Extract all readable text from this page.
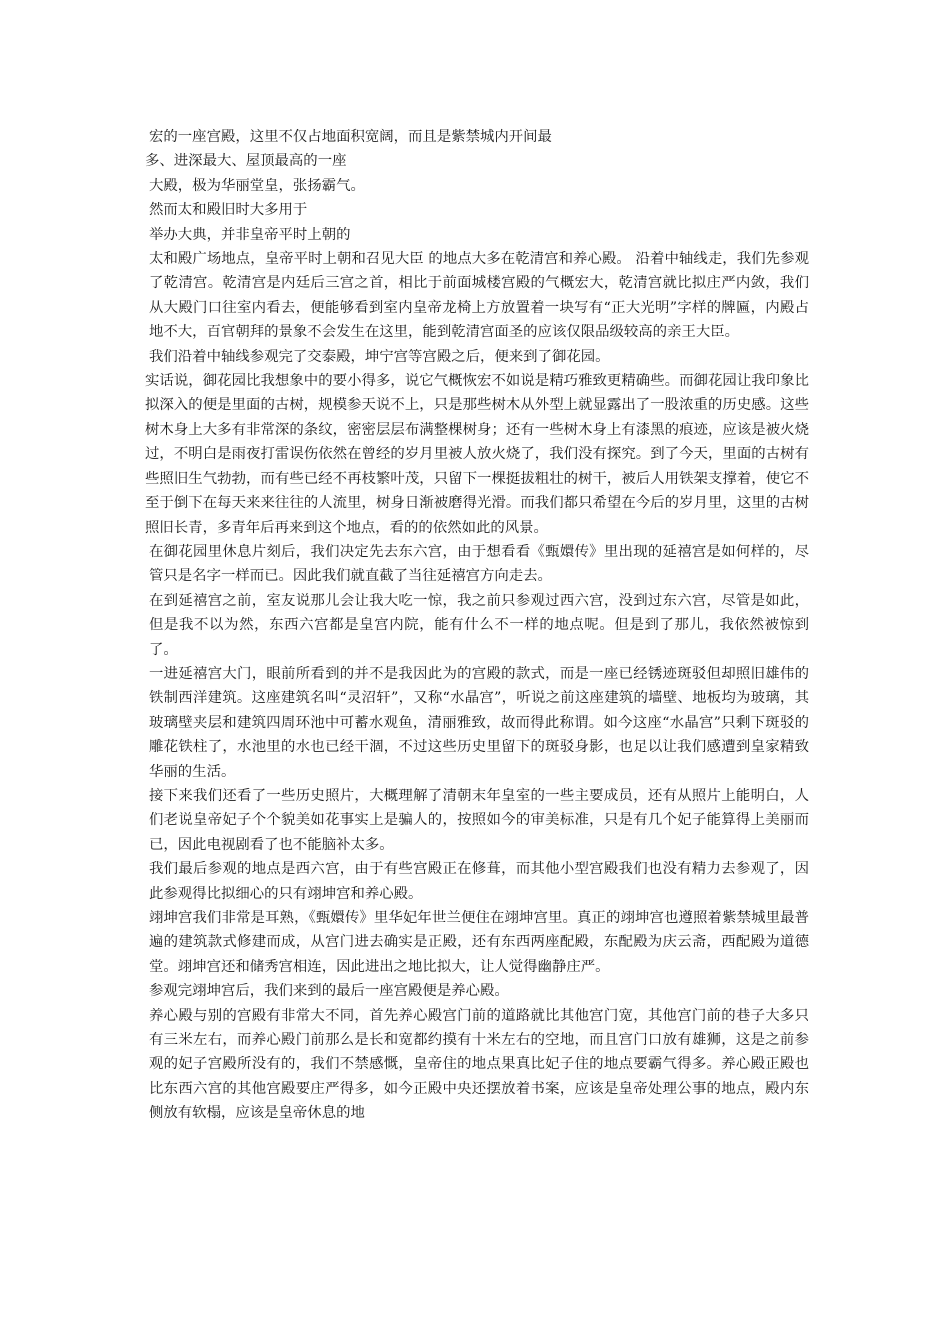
宏的一座宫殿，这里不仅占地面积宽阔，而且是紫禁城内开间最
多、进深最大、屋顶最高的一座
大殿，极为华丽堂皇，张扬霸气。
然而太和殿旧时大多用于
举办大典，并非皇帝平时上朝的

太和殿广场地点，皇帝平时上朝和召见大臣 的地点大多在乾清宫和养心殿。 沿着中轴线走，我们先参观了乾清宫。乾清宫是内廷后三宫之首，相比于前面城楼宫殿的气概宏大，乾清宫就比拟庄严内敛，我们从大殿门口往室内看去，便能够看到室内皇帝龙椅上方放置着一块写有“正大光明”字样的牌匾，内殿占地不大，百官朝拜的景象不会发生在这里，能到乾清宫面圣的应该仅限品级较高的亲王大臣。

我们沿着中轴线参观完了交泰殿，坤宁宫等宫殿之后，便来到了御花园。

实话说，御花园比我想象中的要小得多，说它气概恢宏不如说是精巧雅致更精确些。而御花园让我印象比拟深入的便是里面的古树，规模参天说不上，只是那些树木从外型上就显露出了一股浓重的历史感。这些树木身上大多有非常深的条纹，密密层层布满整棵树身；还有一些树木身上有漆黑的痕迹，应该是被火烧过，不明白是雨夜打雷误伤依然在曾经的岁月里被人放火烧了，我们没有探究。到了今天，里面的古树有些照旧生气勃勃，而有些已经不再枝繁叶茂，只留下一棵挺拔粗壮的树干，被后人用铁架支撑着，使它不至于倒下在每天来来往往的人流里，树身日渐被磨得光滑。而我们都只希望在今后的岁月里，这里的古树照旧长青，多青年后再来到这个地点，看的的依然如此的风景。

在御花园里休息片刻后，我们决定先去东六宫，由于想看看《甄嬛传》里出现的延禧宫是如何样的，尽管只是名字一样而已。因此我们就直截了当往延禧宫方向走去。

在到延禧宫之前，室友说那儿会让我大吃一惊，我之前只参观过西六宫，没到过东六宫，尽管是如此，但是我不以为然，东西六宫都是皇宫内院，能有什么不一样的地点呢。但是到了那儿，我依然被惊到了。

一进延禧宫大门，眼前所看到的并不是我因此为的宫殿的款式，而是一座已经锈迹斑驳但却照旧雄伟的铁制西洋建筑。这座建筑名叫“灵沼轩”，又称“水晶宫”，听说之前这座建筑的墙壁、地板均为玻璃，其玻璃壁夹层和建筑四周环池中可蓄水观鱼，清丽雅致，故而得此称谓。如今这座“水晶宫”只剩下斑驳的雕花铁柱了，水池里的水也已经干涸，不过这些历史里留下的斑驳身影，也足以让我们感遭到皇家精致华丽的生活。

接下来我们还看了一些历史照片，大概理解了清朝末年皇室的一些主要成员，还有从照片上能明白，人们老说皇帝妃子个个貌美如花事实上是骗人的，按照如今的审美标准，只是有几个妃子能算得上美丽而已，因此电视剧看了也不能脑补太多。

我们最后参观的地点是西六宫，由于有些宫殿正在修葺，而其他小型宫殿我们也没有精力去参观了，因此参观得比拟细心的只有翊坤宫和养心殿。

翊坤宫我们非常是耳熟，《甄嬛传》里华妃年世兰便住在翊坤宫里。真正的翊坤宫也遵照着紫禁城里最普遍的建筑款式修建而成，从宫门进去确实是正殿，还有东西两座配殿，东配殿为庆云斋，西配殿为道德堂。翊坤宫还和储秀宫相连，因此进出之地比拟大，让人觉得幽静庄严。

参观完翊坤宫后，我们来到的最后一座宫殿便是养心殿。

养心殿与别的宫殿有非常大不同，首先养心殿宫门前的道路就比其他宫门宽，其他宫门前的巷子大多只有三米左右，而养心殿门前那么是长和宽都约摸有十米左右的空地，而且宫门口放有雄狮，这是之前参观的妃子宫殿所没有的，我们不禁感慨，皇帝住的地点果真比妃子住的地点要霸气得多。养心殿正殿也比东西六宫的其他宫殿要庄严得多，如今正殿中央还摆放着书案，应该是皇帝处理公事的地点，殿内东侧放有软榻，应该是皇帝休息的地
